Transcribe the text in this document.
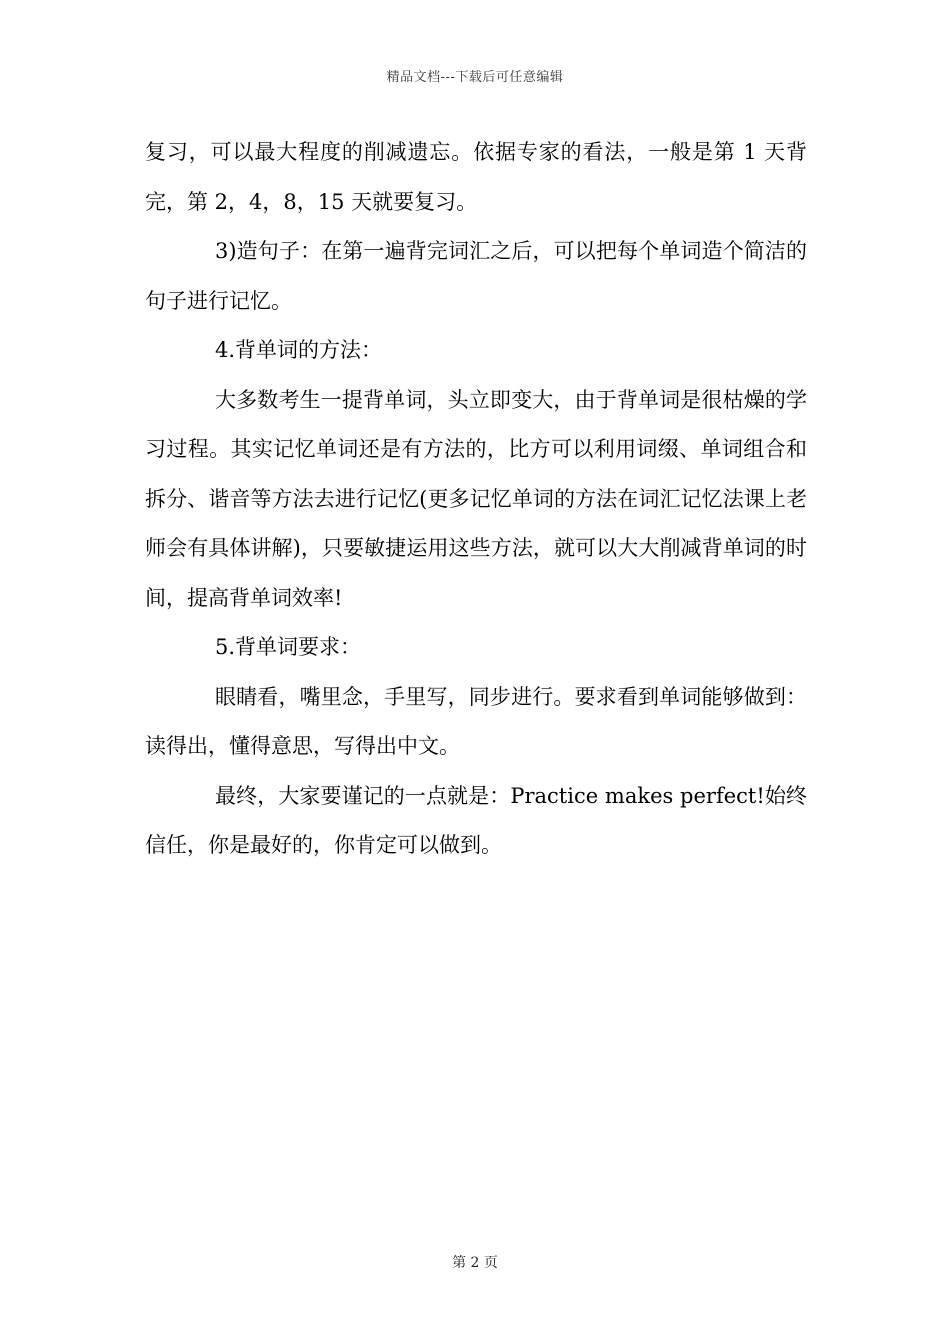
精品文档---下载后可任意编辑

复习，可以最大程度的削减遗忘。依据专家的看法，一般是第 1 天背完，第 2，4，8，15 天就要复习。

3)造句子：在第一遍背完词汇之后，可以把每个单词造个简洁的句子进行记忆。

4.背单词的方法：

大多数考生一提背单词，头立即变大，由于背单词是很枯燥的学习过程。其实记忆单词还是有方法的，比方可以利用词缀、单词组合和拆分、谐音等方法去进行记忆(更多记忆单词的方法在词汇记忆法课上老师会有具体讲解)，只要敏捷运用这些方法，就可以大大削减背单词的时间，提高背单词效率!

5.背单词要求：

眼睛看，嘴里念，手里写，同步进行。要求看到单词能够做到：读得出，懂得意思，写得出中文。

最终，大家要谨记的一点就是：Practice makes perfect!始终信任，你是最好的，你肯定可以做到。

第 2 页
